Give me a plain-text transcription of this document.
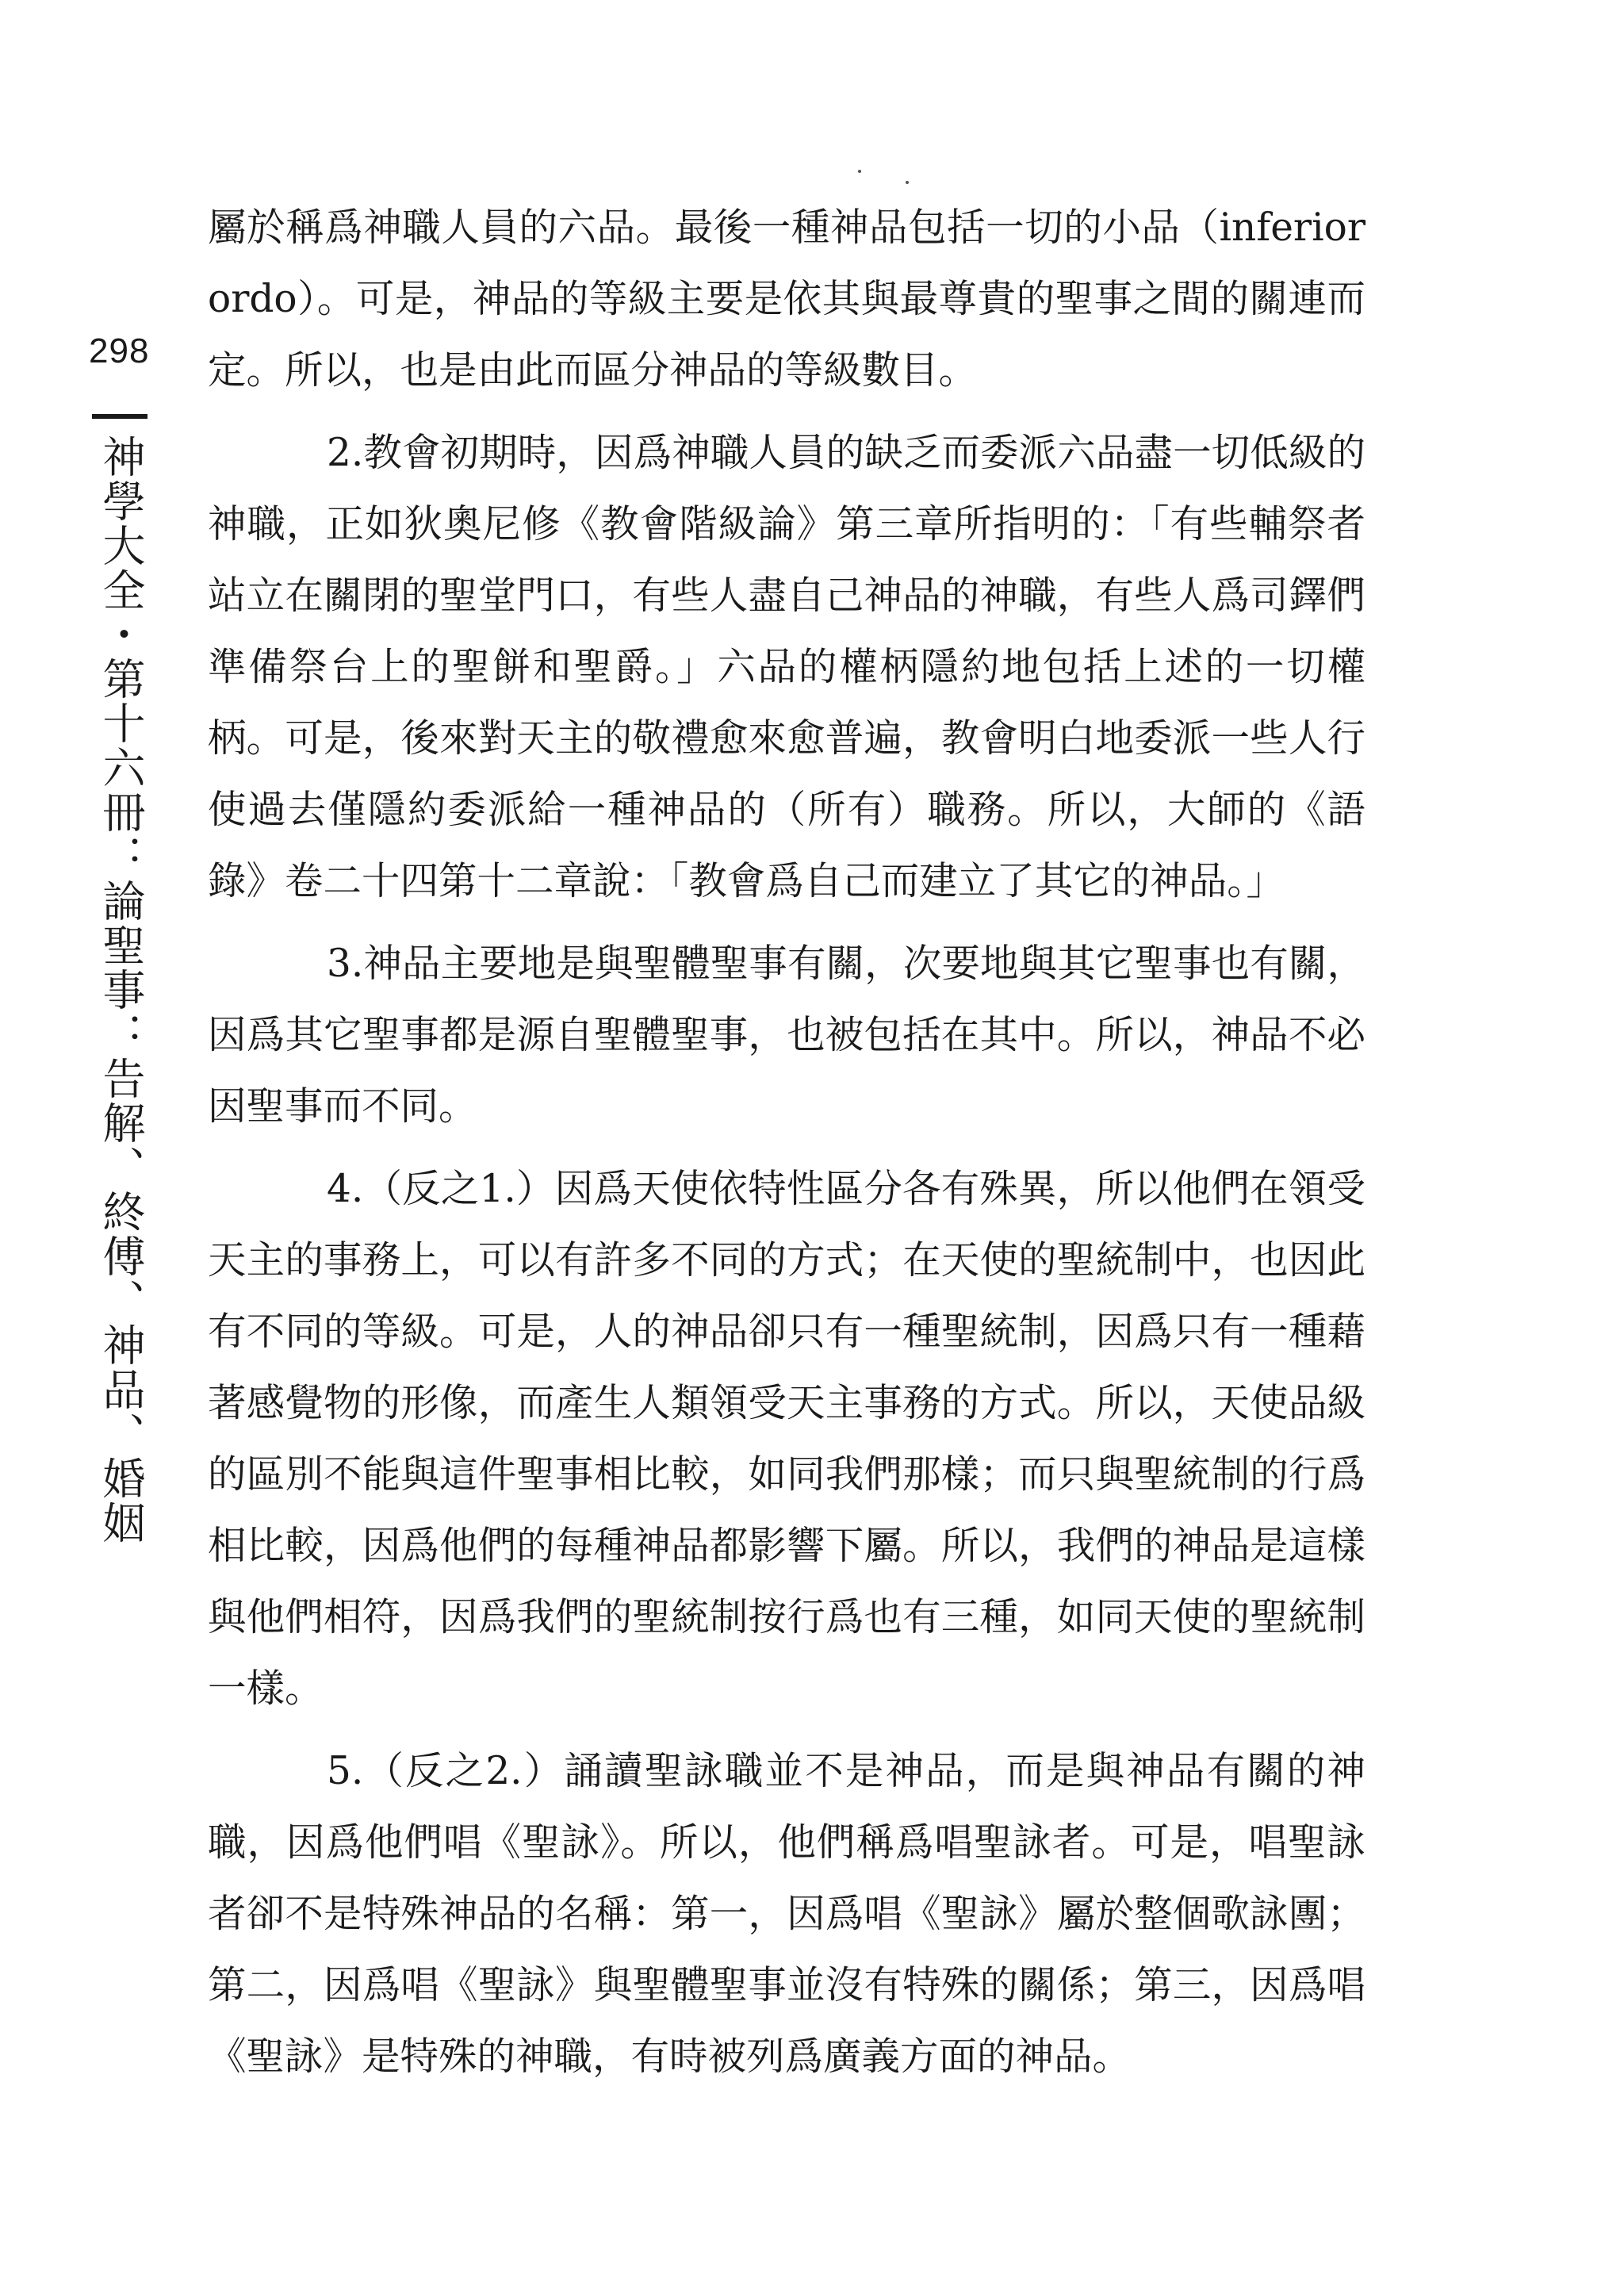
298
神學大全・第十六冊：論聖事：告解、終傅、神品、婚姻

屬於稱爲神職人員的六品。最後一種神品包括一切的小品（inferior ordo）。可是，神品的等級主要是依其與最尊貴的聖事之間的關連而定。所以，也是由此而區分神品的等級數目。

2.教會初期時，因爲神職人員的缺乏而委派六品盡一切低級的神職，正如狄奧尼修《教會階級論》第三章所指明的：「有些輔祭者站立在關閉的聖堂門口，有些人盡自己神品的神職，有些人爲司鐸們準備祭台上的聖餅和聖爵。」六品的權柄隱約地包括上述的一切權柄。可是，後來對天主的敬禮愈來愈普遍，教會明白地委派一些人行使過去僅隱約委派給一種神品的（所有）職務。所以，大師的《語錄》卷二十四第十二章說：「教會爲自己而建立了其它的神品。」

3.神品主要地是與聖體聖事有關，次要地與其它聖事也有關，因爲其它聖事都是源自聖體聖事，也被包括在其中。所以，神品不必因聖事而不同。

4.（反之1.）因爲天使依特性區分各有殊異，所以他們在領受天主的事務上，可以有許多不同的方式；在天使的聖統制中，也因此有不同的等級。可是，人的神品卻只有一種聖統制，因爲只有一種藉著感覺物的形像，而產生人類領受天主事務的方式。所以，天使品級的區別不能與這件聖事相比較，如同我們那樣；而只與聖統制的行爲相比較，因爲他們的每種神品都影響下屬。所以，我們的神品是這樣與他們相符，因爲我們的聖統制按行爲也有三種，如同天使的聖統制一樣。

5.（反之2.）誦讀聖詠職並不是神品，而是與神品有關的神職，因爲他們唱《聖詠》。所以，他們稱爲唱聖詠者。可是，唱聖詠者卻不是特殊神品的名稱：第一，因爲唱《聖詠》屬於整個歌詠團；第二，因爲唱《聖詠》與聖體聖事並沒有特殊的關係；第三，因爲唱《聖詠》是特殊的神職，有時被列爲廣義方面的神品。
